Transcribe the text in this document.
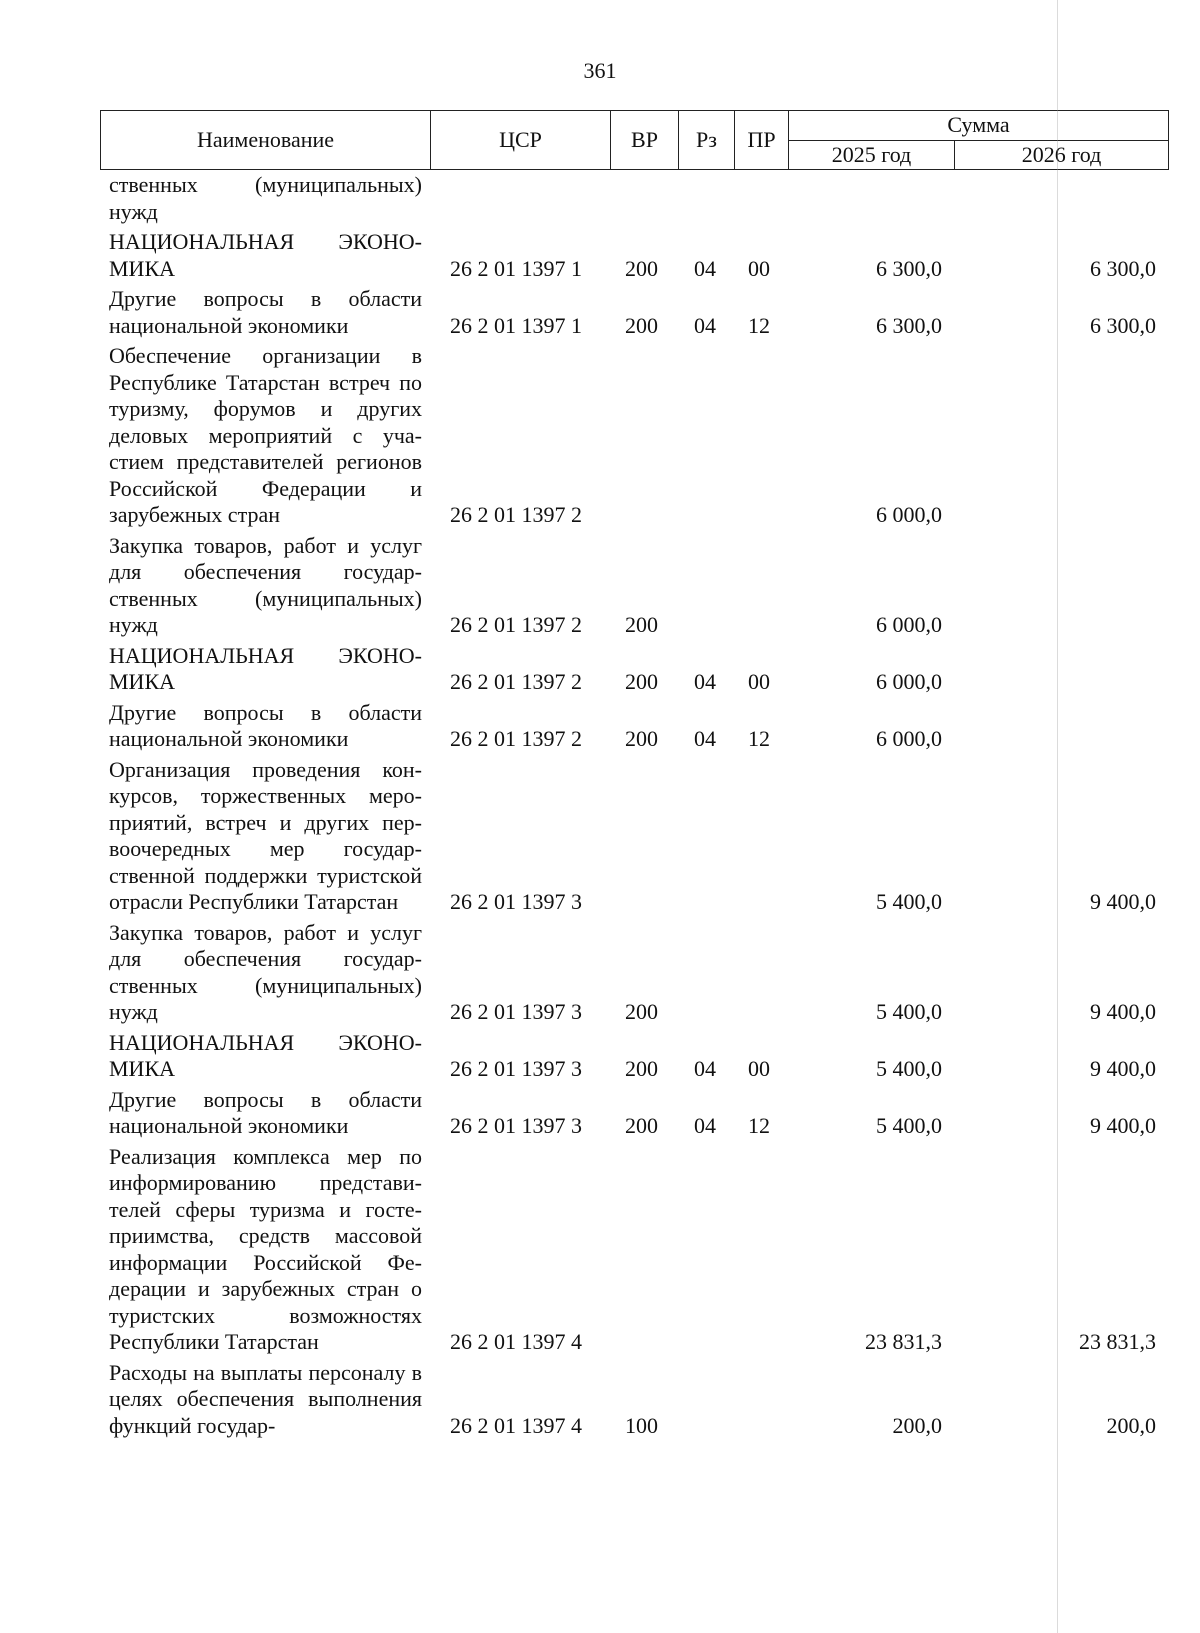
361
Наименование	ЦСР	ВР	Рз	ПР	Сумма	
					2025 год	2026 год
ственных (муниципальных) нужд						
НАЦИОНАЛЬНАЯ ЭКОНОМИКА	26 2 01 1397 1	200	04	00	6 300,0	6 300,0
Другие вопросы в области национальной экономики	26 2 01 1397 1	200	04	12	6 300,0	6 300,0
Обеспечение организации в Республике Татарстан встреч по туризму, форумов и других деловых мероприятий с участием представителей регионов Российской Федерации и зарубежных стран	26 2 01 1397 2				6 000,0	
Закупка товаров, работ и услуг для обеспечения государственных (муниципальных) нужд	26 2 01 1397 2	200			6 000,0	
НАЦИОНАЛЬНАЯ ЭКОНОМИКА	26 2 01 1397 2	200	04	00	6 000,0	
Другие вопросы в области национальной экономики	26 2 01 1397 2	200	04	12	6 000,0	
Организация проведения конкурсов, торжественных мероприятий, встреч и других первоочередных мер государственной поддержки туристской отрасли Республики Татарстан	26 2 01 1397 3				5 400,0	9 400,0
Закупка товаров, работ и услуг для обеспечения государственных (муниципальных) нужд	26 2 01 1397 3	200			5 400,0	9 400,0
НАЦИОНАЛЬНАЯ ЭКОНОМИКА	26 2 01 1397 3	200	04	00	5 400,0	9 400,0
Другие вопросы в области национальной экономики	26 2 01 1397 3	200	04	12	5 400,0	9 400,0
Реализация комплекса мер по информированию представителей сферы туризма и гостеприимства, средств массовой информации Российской Федерации и зарубежных стран о туристских возможностях Республики Татарстан	26 2 01 1397 4				23 831,3	23 831,3
Расходы на выплаты персоналу в целях обеспечения выполнения функций государ-	26 2 01 1397 4	100			200,0	200,0
